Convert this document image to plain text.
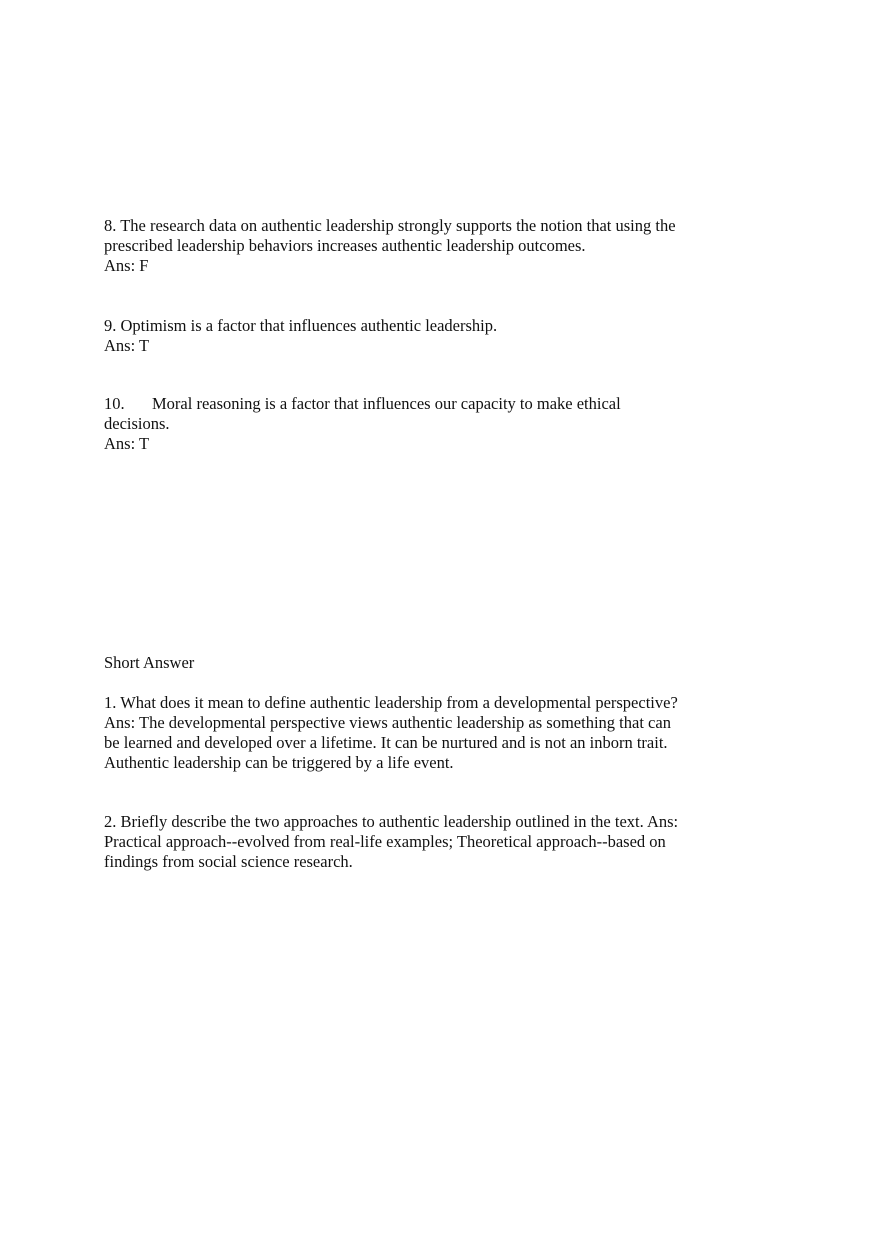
8. The research data on authentic leadership strongly supports the notion that using the
prescribed leadership behaviors increases authentic leadership outcomes.
Ans: F
9. Optimism is a factor that influences authentic leadership.
Ans: T
10. Moral reasoning is a factor that influences our capacity to make ethical
decisions.
Ans: T
Short Answer
1. What does it mean to define authentic leadership from a developmental perspective?
Ans: The developmental perspective views authentic leadership as something that can
be learned and developed over a lifetime. It can be nurtured and is not an inborn trait.
Authentic leadership can be triggered by a life event.
2. Briefly describe the two approaches to authentic leadership outlined in the text. Ans:
Practical approach--evolved from real-life examples; Theoretical approach--based on
findings from social science research.
